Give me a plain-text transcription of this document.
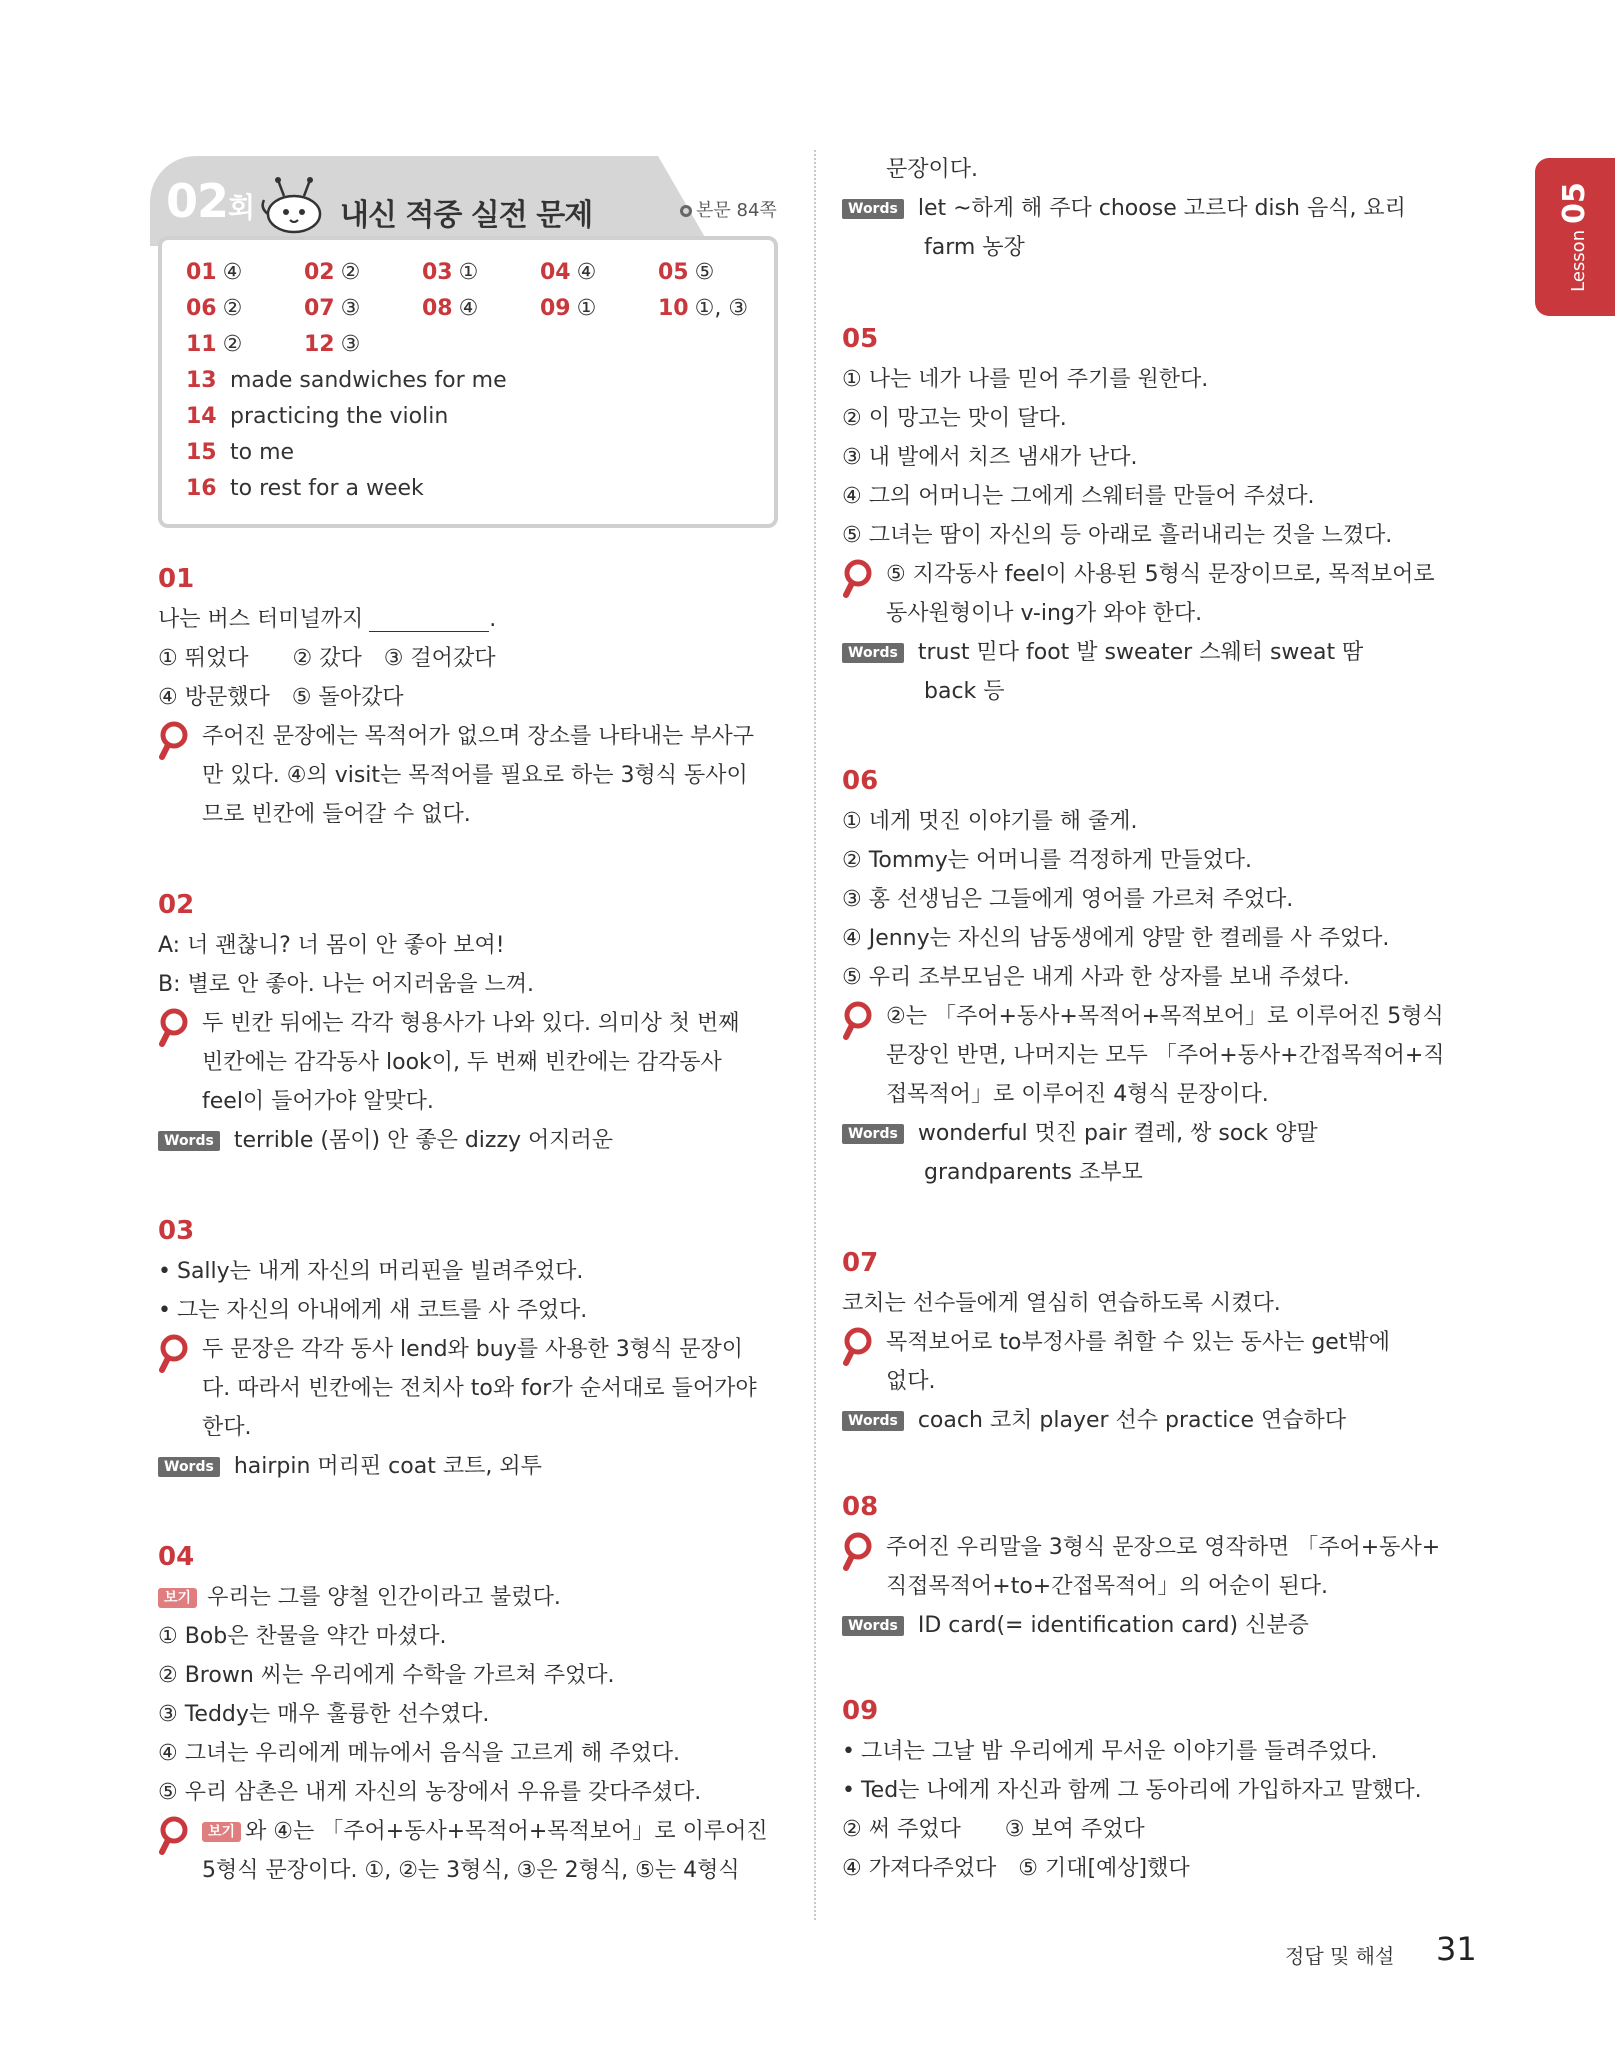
Lesson05
02회	내신 적중 실전 문제	본문 84쪽
01 ④	02 ②	03 ①	04 ④	05 ⑤
06 ②	07 ③	08 ④	09 ①	10 ①, ③
11 ②	12 ③
13 made sandwiches for me
14 practicing the violin
15 to me
16 to rest for a week
01
나는 버스 터미널까지	.
① 뛰었다 ② 갔다 ③ 걸어갔다
④ 방문했다 ⑤ 돌아갔다
주어진 문장에는 목적어가 없으며 장소를 나타내는 부사구
만 있다. ④의 visit는 목적어를 필요로 하는 3형식 동사이
므로 빈칸에 들어갈 수 없다.
02
A: 너 괜찮니? 너 몸이 안 좋아 보여!
B: 별로 안 좋아. 나는 어지러움을 느껴.
두 빈칸 뒤에는 각각 형용사가 나와 있다. 의미상 첫 번째
빈칸에는 감각동사 look이, 두 번째 빈칸에는 감각동사
feel이 들어가야 알맞다.
Words terrible (몸이) 안 좋은 dizzy 어지러운
03
• Sally는 내게 자신의 머리핀을 빌려주었다.
• 그는 자신의 아내에게 새 코트를 사 주었다.
두 문장은 각각 동사 lend와 buy를 사용한 3형식 문장이
다. 따라서 빈칸에는 전치사 to와 for가 순서대로 들어가야
한다.
Words hairpin 머리핀 coat 코트, 외투
04
보기 우리는 그를 양철 인간이라고 불렀다.
① Bob은 찬물을 약간 마셨다.
② Brown 씨는 우리에게 수학을 가르쳐 주었다.
③ Teddy는 매우 훌륭한 선수였다.
④ 그녀는 우리에게 메뉴에서 음식을 고르게 해 주었다.
⑤ 우리 삼촌은 내게 자신의 농장에서 우유를 갖다주셨다.
보기 와 ④는 「주어+동사+목적어+목적보어」로 이루어진
5형식 문장이다. ①, ②는 3형식, ③은 2형식, ⑤는 4형식
문장이다.
Words let ~하게 해 주다 choose 고르다 dish 음식, 요리
farm 농장
05
① 나는 네가 나를 믿어 주기를 원한다.
② 이 망고는 맛이 달다.
③ 내 발에서 치즈 냄새가 난다.
④ 그의 어머니는 그에게 스웨터를 만들어 주셨다.
⑤ 그녀는 땀이 자신의 등 아래로 흘러내리는 것을 느꼈다.
⑤ 지각동사 feel이 사용된 5형식 문장이므로, 목적보어로
동사원형이나 v-ing가 와야 한다.
Words trust 믿다 foot 발 sweater 스웨터 sweat 땀
back 등
06
① 네게 멋진 이야기를 해 줄게.
② Tommy는 어머니를 걱정하게 만들었다.
③ 홍 선생님은 그들에게 영어를 가르쳐 주었다.
④ Jenny는 자신의 남동생에게 양말 한 켤레를 사 주었다.
⑤ 우리 조부모님은 내게 사과 한 상자를 보내 주셨다.
②는 「주어+동사+목적어+목적보어」로 이루어진 5형식
문장인 반면, 나머지는 모두 「주어+동사+간접목적어+직
접목적어」로 이루어진 4형식 문장이다.
Words wonderful 멋진 pair 켤레, 쌍 sock 양말
grandparents 조부모
07
코치는 선수들에게 열심히 연습하도록 시켰다.
목적보어로 to부정사를 취할 수 있는 동사는 get밖에
없다.
Words coach 코치 player 선수 practice 연습하다
08
주어진 우리말을 3형식 문장으로 영작하면 「주어+동사+
직접목적어+to+간접목적어」의 어순이 된다.
Words ID card(= identification card) 신분증
09
• 그녀는 그날 밤 우리에게 무서운 이야기를 들려주었다.
• Ted는 나에게 자신과 함께 그 동아리에 가입하자고 말했다.
② 써 주었다 ③ 보여 주었다
④ 가져다주었다 ⑤ 기대[예상]했다
정답 및 해설 31
